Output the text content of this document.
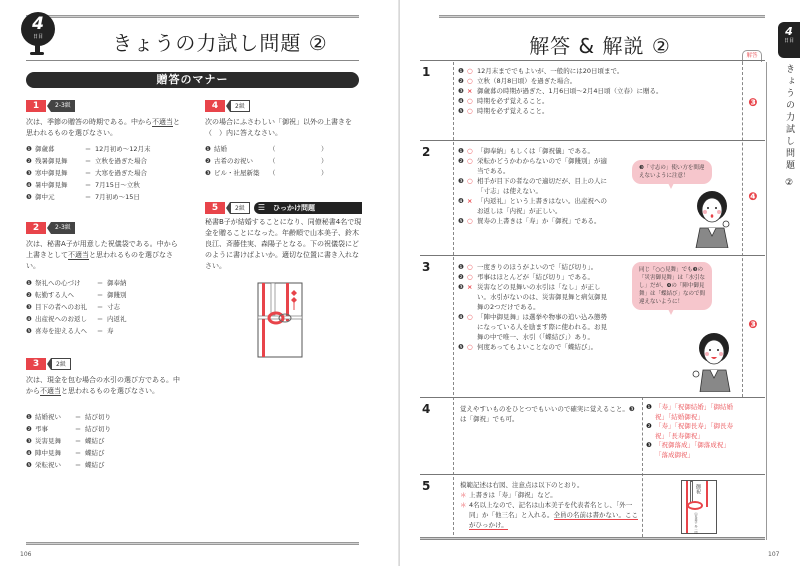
4
日目	きょうの力試し問題 ②
贈答のマナー
1	2-3級
次は、季節の贈答の時期である。中から不適当と思われるものを選びなさい。
❶ 御歳暮	＝ 12月初め〜12月末
❷ 残暑御見舞	＝ 立秋を過ぎた場合
❸ 寒中御見舞	＝ 大寒を過ぎた場合
❹ 暑中御見舞	＝ 7月15日〜立秋
❺ 御中元	＝ 7月初め〜15日
2	2-3級
次は、秘書A子が用意した祝儀袋である。中から上書きとして不適当と思われるものを選びなさい。
❶ 祭礼への心づけ	＝ 御奉納
❷ 転勤する人へ	＝ 御餞別
❸ 目下の者へのお礼	＝ 寸志
❹ 出産祝へのお返し	＝ 内返礼
❺ 喜寿を迎える人へ	＝ 寿
3	2級
次は、現金を包む場合の水引の選び方である。中から不適当と思われるものを選びなさい。
❶ 結婚祝い	＝ 結び切り
❷ 弔事	＝ 結び切り
❸ 災害見舞	＝ 蝶結び
❹ 陣中見舞	＝ 蝶結び
❺ 栄転祝い	＝ 蝶結び
4	2級
次の場合にふさわしい「御祝」以外の上書きを（　）内に答えなさい。
❶ 結婚	（　　　　　　　）
❷ 古希のお祝い	（　　　　　　　）
❸ ビル・社屋新築	（　　　　　　　）
5	2級	☰ ひっかけ問題
秘書B子が結婚することになり、同僚秘書4名で現金を贈ることになった。年齢順で山本美子、鈴木良江、斉藤佳実、森陽子となる。下の祝儀袋にどのように書けばよいか。適切な位置に書き入れなさい。
106
解答 & 解説 ②	解答
4
日目
きょうの力試し問題 ②
1
2
3
4
5
❶ ○ 12月末まででもよいが、一般的には20日頃まで。
❷ ○ 立秋（8月8日頃）を過ぎた場合。
❸ × 御歳暮の時期が過ぎた、1月6日頃〜2月4日頃（立春）に贈る。
❹ ○ 時期を必ず覚えること。
❺ ○ 時期を必ず覚えること。
❸
❶ ○ 「御奉納」もしくは「御祝儀」である。
❷ ○ 栄転かどうかわからないので「御餞別」が適当である。
❸ ○ 相手が目下の者なので適切だが、目上の人に「寸志」は使えない。
❹ × 「内返礼」という上書きはない。出産祝へのお返しは「内祝」が正しい。
❺ ○ 賀寿の上書きは「寿」か「御祝」である。
❸「寸志の」使い方を間違えないように注意！
❹
❶ ○ 一度きりのほうがよいので「結び切り」。
❷ ○ 弔事はほとんどが「結び切り」である。
❸ × 災害などの見舞いの水引は「なし」が正しい。水引がないのは、災害御見舞と病気御見舞の2つだけである。
❹ ○ 「陣中御見舞」は選挙や物事の追い込み態勢になっている人を励ます際に使われる。お見舞の中で唯一、水引（「蝶結び」）あり。
❺ ○ 何度あってもよいことなので「蝶結び」。
同じ「○○見舞」でも❸の「災害御見舞」は「水引なし」だが、❹の「陣中御見舞」は「蝶結び」なので間違えないように！
❸
覚えやすいものをひとつでもいいので確実に覚えること。❸は「御祝」でも可。
❶ 「寿」「祝御結婚」「御結婚祝」「結婚御祝」
❷ 「寿」「祝御長寿」「御長寿祝」「長寿御祝」
❸ 「祝御落成」「御落成祝」「落成御祝」
模範記述は右図、注意点は以下のとおり。
＊ 上書きは「寿」「御祝」など。
＊ 4名以上なので、記名は山本美子を代表者名とし、「外一同」か「他三名」と入れる。全員の名前は書かない。ここがひっかけ。
御祝
山本美子 外一同
107
